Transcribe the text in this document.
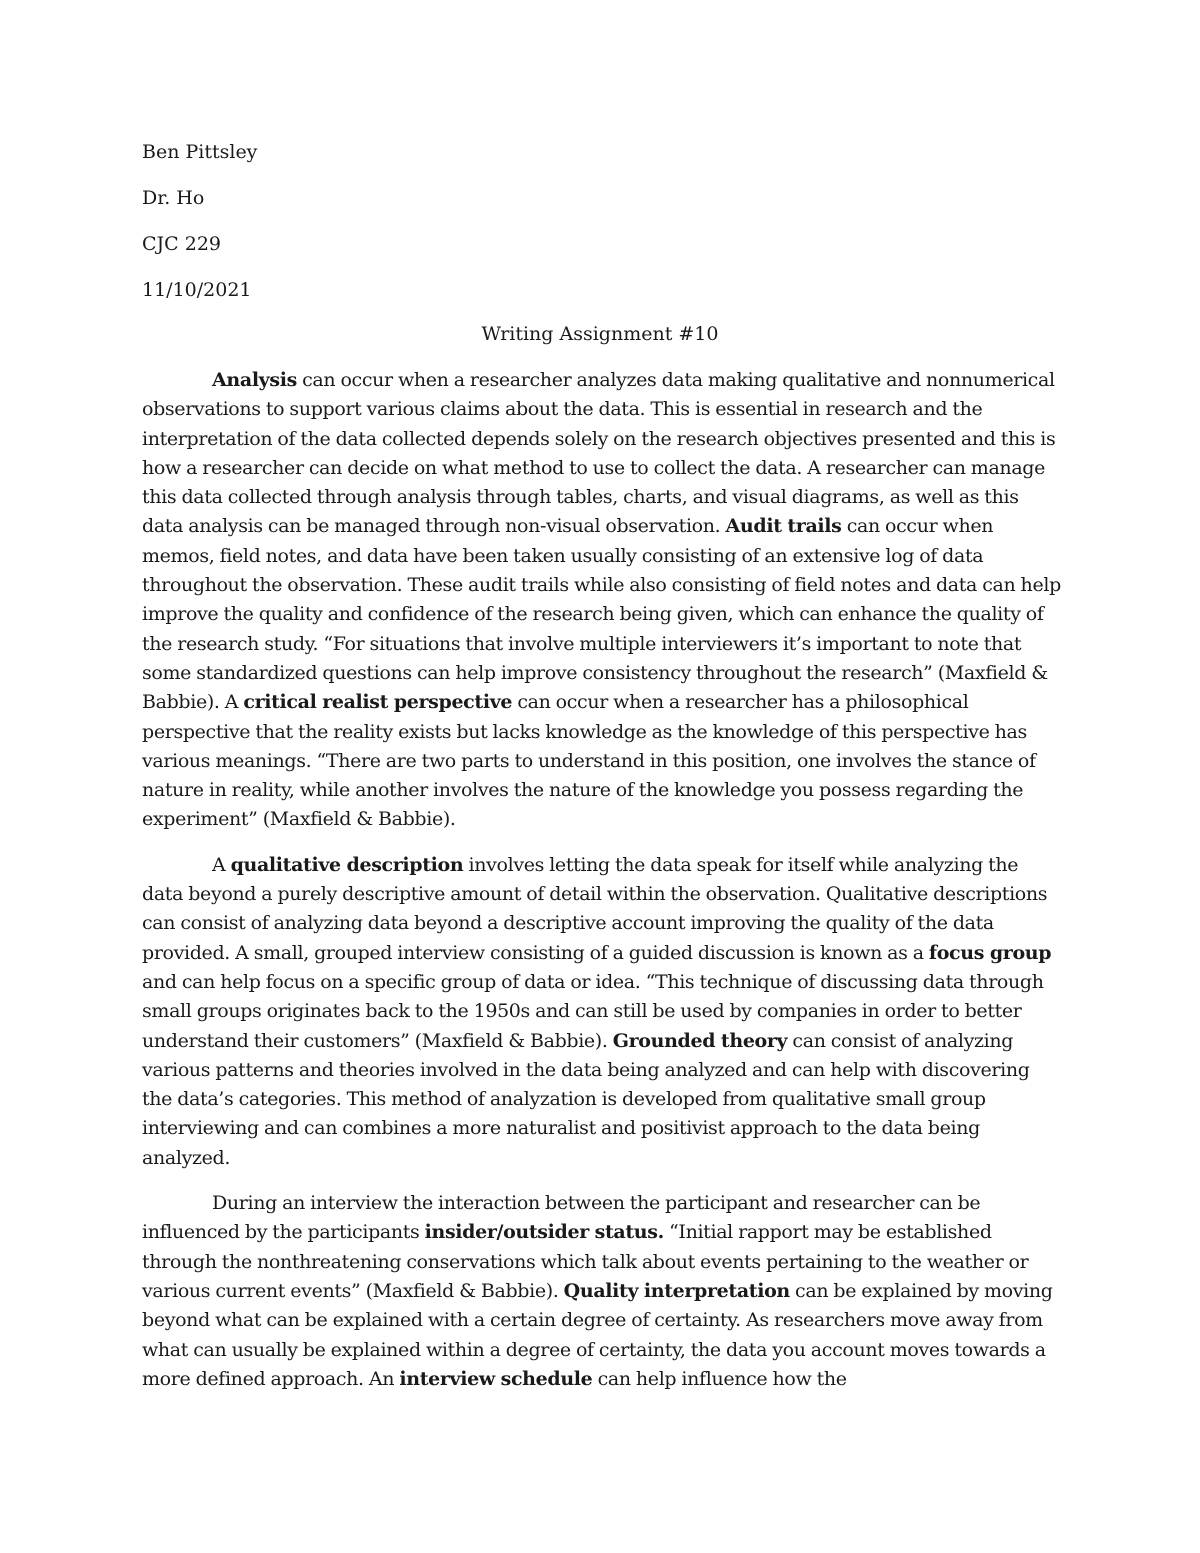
Ben Pittsley

Dr. Ho

CJC 229

11/10/2021

Writing Assignment #10

Analysis can occur when a researcher analyzes data making qualitative and nonnumerical observations to support various claims about the data. This is essential in research and the interpretation of the data collected depends solely on the research objectives presented and this is how a researcher can decide on what method to use to collect the data. A researcher can manage this data collected through analysis through tables, charts, and visual diagrams, as well as this data analysis can be managed through non-visual observation. Audit trails can occur when memos, field notes, and data have been taken usually consisting of an extensive log of data throughout the observation. These audit trails while also consisting of field notes and data can help improve the quality and confidence of the research being given, which can enhance the quality of the research study. “For situations that involve multiple interviewers it’s important to note that some standardized questions can help improve consistency throughout the research” (Maxfield & Babbie). A critical realist perspective can occur when a researcher has a philosophical perspective that the reality exists but lacks knowledge as the knowledge of this perspective has various meanings. “There are two parts to understand in this position, one involves the stance of nature in reality, while another involves the nature of the knowledge you possess regarding the experiment” (Maxfield & Babbie).

A qualitative description involves letting the data speak for itself while analyzing the data beyond a purely descriptive amount of detail within the observation. Qualitative descriptions can consist of analyzing data beyond a descriptive account improving the quality of the data provided. A small, grouped interview consisting of a guided discussion is known as a focus group and can help focus on a specific group of data or idea. “This technique of discussing data through small groups originates back to the 1950s and can still be used by companies in order to better understand their customers” (Maxfield & Babbie). Grounded theory can consist of analyzing various patterns and theories involved in the data being analyzed and can help with discovering the data’s categories. This method of analyzation is developed from qualitative small group interviewing and can combines a more naturalist and positivist approach to the data being analyzed.

During an interview the interaction between the participant and researcher can be influenced by the participants insider/outsider status. “Initial rapport may be established through the nonthreatening conservations which talk about events pertaining to the weather or various current events” (Maxfield & Babbie). Quality interpretation can be explained by moving beyond what can be explained with a certain degree of certainty. As researchers move away from what can usually be explained within a degree of certainty, the data you account moves towards a more defined approach. An interview schedule can help influence how the
